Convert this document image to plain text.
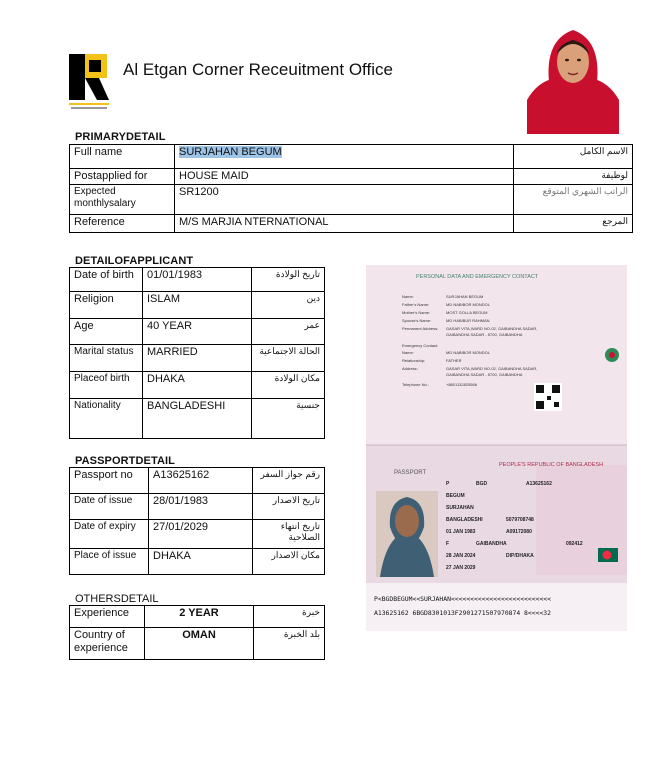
Al Etgan Corner Receuitment Office
PRIMARYDETAIL
Full name	SURJAHAN BEGUM	الاسم الكامل
Postapplied for	HOUSE MAID	لوظيفة
Expected monthlysalary	SR1200	الراتب الشهري المتوقع
Reference	M/S MARJIA NTERNATIONAL	المرجع
DETAILOFAPPLICANT
Date of birth	01/01/1983	تاريخ الولادة
Religion	ISLAM	دين
Age	40 YEAR	عمر
Marital status	MARRIED	الحالة الاجتماعية
Placeof birth	DHAKA	مكان الولادة
Nationality	BANGLADESHI	جنسية
PASSPORTDETAIL
Passport no	A13625162	رقم جواز السفر
Date of issue	28/01/1983	تاريخ الاصدار
Date of expiry	27/01/2029	تاريخ انتهاء الصلاحية
Place of issue	DHAKA	مكان الاصدار
OTHERSDETAIL
Experience	2 YEAR	خبرة
Country of experience	OMAN	بلد الخبرة
PERSONAL DATA AND EMERGENCY CONTACT
Name:	SURJAHAN BEGUM
Father's Name:	MD NABIBOR MONDOL
Mother's Name:	MOST GOLLA BEGUM
Spouse's Name:	MD HABIBUR RAHMAN
Permanent Address: GASAR VITA,WARD NO-02, GAIBANDHA SADAR,
GAIBANDHA SADAR - 5700, GAIBANDHA
Emergency Contact:
Name:	MD NABIBOR MONDOL
Relationship:	FATHER
Address:	GASAR VITA,WARD NO-02, GAIBANDHA SADAR,
GAIBANDHA SADAR - 5700, GAIBANDHA
Telephone No.:	+8801132825566
PEOPLE'S REPUBLIC OF BANGLADESH
PASSPORT
P	BGD	A13625162
BEGUM
SURJAHAN
BANGLADESHI	5079708748
01 JAN 1983	A09172080
F	GAIBANDHA	092412
28 JAN 2024	DIP/DHAKA
27 JAN 2029
P<BGDBEGUM<<SURJAHAN<<<<<<<<<<<<<<<<<<<<<<<<<<
A13625162 6BGD8301013F2901271507970874 8<<<<32
